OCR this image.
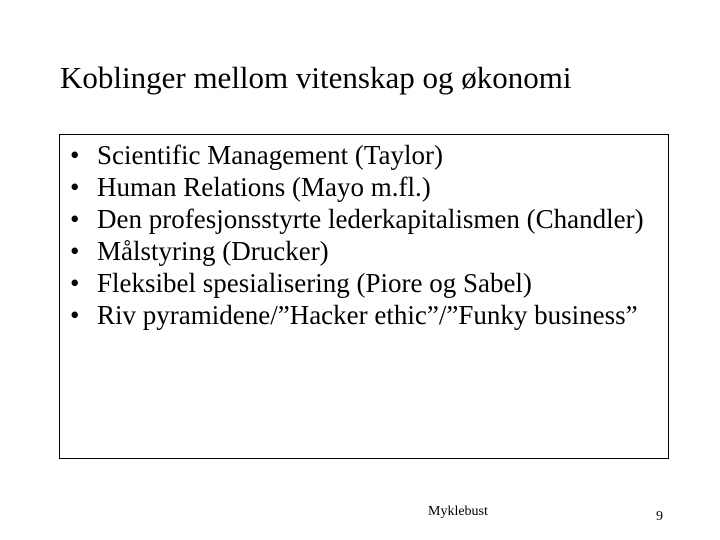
Koblinger mellom vitenskap og økonomi
• Scientific Management (Taylor)
• Human Relations (Mayo m.fl.)
• Den profesjonsstyrte lederkapitalismen (Chandler)
• Målstyring (Drucker)
• Fleksibel spesialisering (Piore og Sabel)
• Riv pyramidene/”Hacker ethic”/”Funky business”
Myklebust	9
